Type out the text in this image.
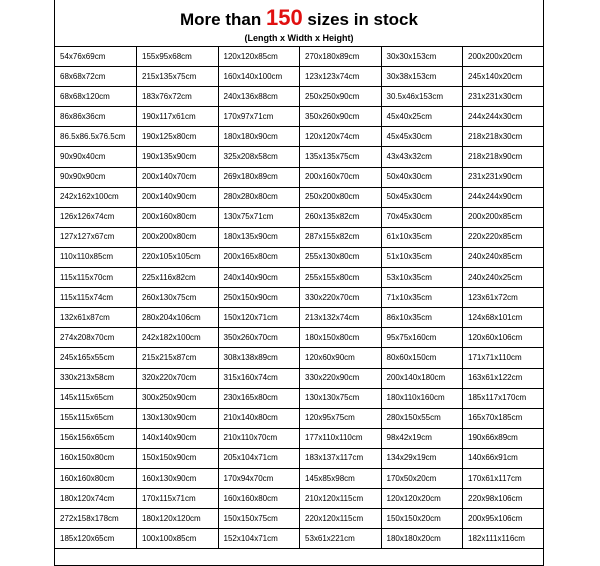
More than 150 sizes in stock
(Length x Width x Height)
54x76x69cm	155x95x68cm	120x120x85cm	270x180x89cm	30x30x153cm	200x200x20cm
68x68x72cm	215x135x75cm	160x140x100cm	123x123x74cm	30x38x153cm	245x140x20cm
68x68x120cm	183x76x72cm	240x136x88cm	250x250x90cm	30.5x46x153cm	231x231x30cm
86x86x36cm	190x117x61cm	170x97x71cm	350x260x90cm	45x40x25cm	244x244x30cm
86.5x86.5x76.5cm	190x125x80cm	180x180x90cm	120x120x74cm	45x45x30cm	218x218x30cm
90x90x40cm	190x135x90cm	325x208x58cm	135x135x75cm	43x43x32cm	218x218x90cm
90x90x90cm	200x140x70cm	269x180x89cm	200x160x70cm	50x40x30cm	231x231x90cm
242x162x100cm	200x140x90cm	280x280x80cm	250x200x80cm	50x45x30cm	244x244x90cm
126x126x74cm	200x160x80cm	130x75x71cm	260x135x82cm	70x45x30cm	200x200x85cm
127x127x67cm	200x200x80cm	180x135x90cm	287x155x82cm	61x10x35cm	220x220x85cm
110x110x85cm	220x105x105cm	200x165x80cm	255x130x80cm	51x10x35cm	240x240x85cm
115x115x70cm	225x116x82cm	240x140x90cm	255x155x80cm	53x10x35cm	240x240x25cm
115x115x74cm	260x130x75cm	250x150x90cm	330x220x70cm	71x10x35cm	123x61x72cm
132x61x87cm	280x204x106cm	150x120x71cm	213x132x74cm	86x10x35cm	124x68x101cm
274x208x70cm	242x182x100cm	350x260x70cm	180x150x80cm	95x75x160cm	120x60x106cm
245x165x55cm	215x215x87cm	308x138x89cm	120x60x90cm	80x60x150cm	171x71x110cm
330x213x58cm	320x220x70cm	315x160x74cm	330x220x90cm	200x140x180cm	163x61x122cm
145x115x65cm	300x250x90cm	230x165x80cm	130x130x75cm	180x110x160cm	185x117x170cm
155x115x65cm	130x130x90cm	210x140x80cm	120x95x75cm	280x150x55cm	165x70x185cm
156x156x65cm	140x140x90cm	210x110x70cm	177x110x110cm	98x42x19cm	190x66x89cm
160x150x80cm	150x150x90cm	205x104x71cm	183x137x117cm	134x29x19cm	140x66x91cm
160x160x80cm	160x130x90cm	170x94x70cm	145x85x98cm	170x50x20cm	170x61x117cm
180x120x74cm	170x115x71cm	160x160x80cm	210x120x115cm	120x120x20cm	220x98x106cm
272x158x178cm	180x120x120cm	150x150x75cm	220x120x115cm	150x150x20cm	200x95x106cm
185x120x65cm	100x100x85cm	152x104x71cm	53x61x221cm	180x180x20cm	182x111x116cm
